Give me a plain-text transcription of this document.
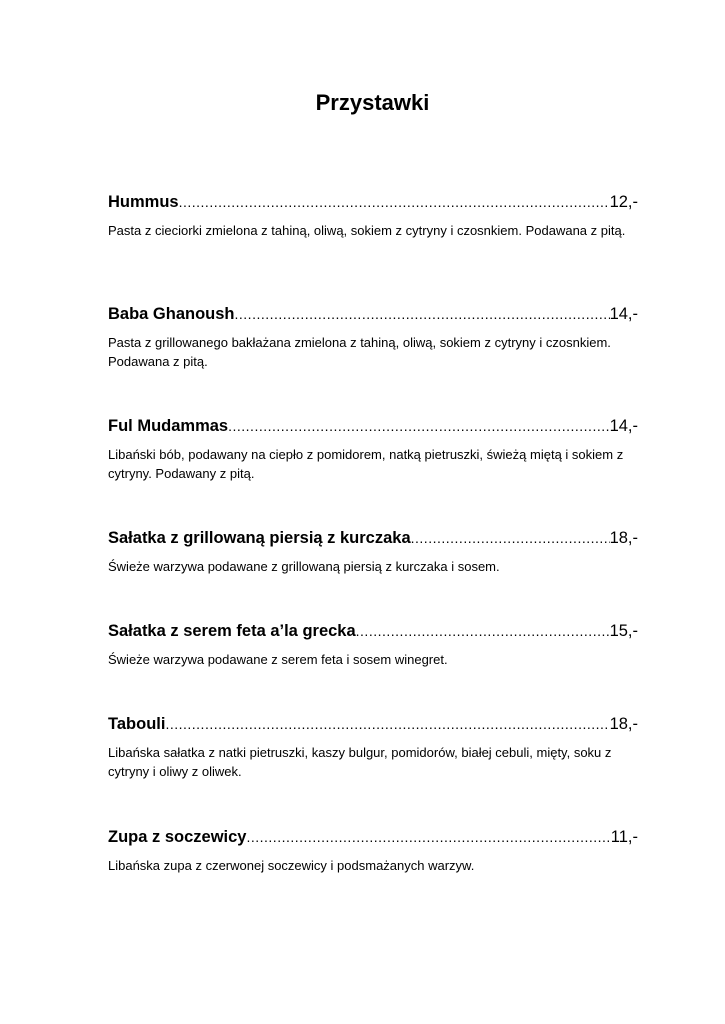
Przystawki
Hummus .....	12,-
Pasta z cieciorki zmielona z tahiną, oliwą, sokiem z cytryny i czosnkiem. Podawana z pitą.
Baba Ghanoush .....	14,-
Pasta z grillowanego bakłażana zmielona z tahiną, oliwą, sokiem z cytryny i czosnkiem. Podawana z pitą.
Ful Mudammas .....	14,-
Libański bób, podawany na ciepło z pomidorem, natką pietruszki, świeżą miętą i sokiem z cytryny. Podawany z pitą.
Sałatka z grillowaną piersią z kurczaka .....	18,-
Świeże warzywa podawane z grillowaną piersią z kurczaka i sosem.
Sałatka z serem feta a’la grecka .....	15,-
Świeże warzywa podawane z serem feta i sosem winegret.
Tabouli .....	18,-
Libańska sałatka z natki pietruszki, kaszy bulgur, pomidorów, białej cebuli, mięty, soku z cytryny i oliwy z oliwek.
Zupa z soczewicy .....	11,-
Libańska zupa z czerwonej soczewicy i podsmażanych warzyw.
